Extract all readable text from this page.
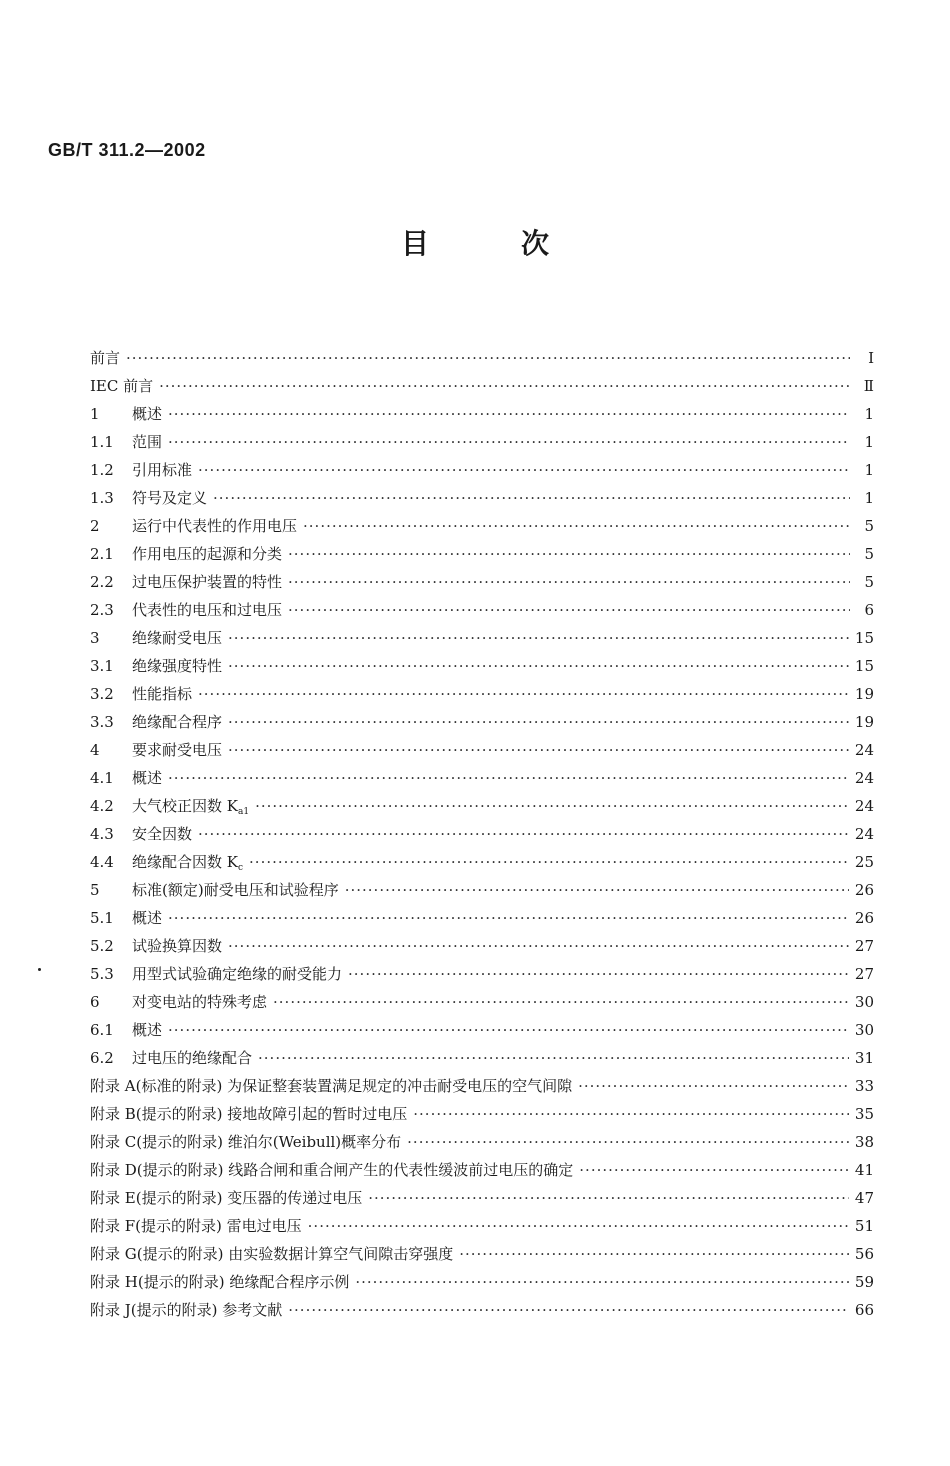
GB/T 311.2—2002
目	次
前言 ·····	Ⅰ
IEC 前言 ·····	Ⅱ
1 概述 ·····	1
1.1 范围 ·····	1
1.2 引用标准 ·····	1
1.3 符号及定义 ·····	1
2 运行中代表性的作用电压 ·····	5
2.1 作用电压的起源和分类 ·····	5
2.2 过电压保护装置的特性 ·····	5
2.3 代表性的电压和过电压 ·····	6
3 绝缘耐受电压 ·····	15
3.1 绝缘强度特性 ·····	15
3.2 性能指标 ·····	19
3.3 绝缘配合程序 ·····	19
4 要求耐受电压 ·····	24
4.1 概述 ·····	24
4.2 大气校正因数 $K_{a1}$ ·····	24
4.3 安全因数 ·····	24
4.4 绝缘配合因数 $K_c$ ·····	25
5 标准(额定)耐受电压和试验程序 ·····	26
5.1 概述 ·····	26
5.2 试验换算因数 ·····	27
5.3 用型式试验确定绝缘的耐受能力 ·····	27
6 对变电站的特殊考虑 ·····	30
6.1 概述 ·····	30
6.2 过电压的绝缘配合 ·····	31
附录 A(标准的附录) 为保证整套装置满足规定的冲击耐受电压的空气间隙 ·····	33
附录 B(提示的附录) 接地故障引起的暂时过电压 ·····	35
附录 C(提示的附录) 维泊尔(Weibull)概率分布 ·····	38
附录 D(提示的附录) 线路合闸和重合闸产生的代表性缓波前过电压的确定 ·····	41
附录 E(提示的附录) 变压器的传递过电压 ·····	47
附录 F(提示的附录) 雷电过电压 ·····	51
附录 G(提示的附录) 由实验数据计算空气间隙击穿强度 ·····	56
附录 H(提示的附录) 绝缘配合程序示例 ·····	59
附录 J(提示的附录) 参考文献 ·····	66
